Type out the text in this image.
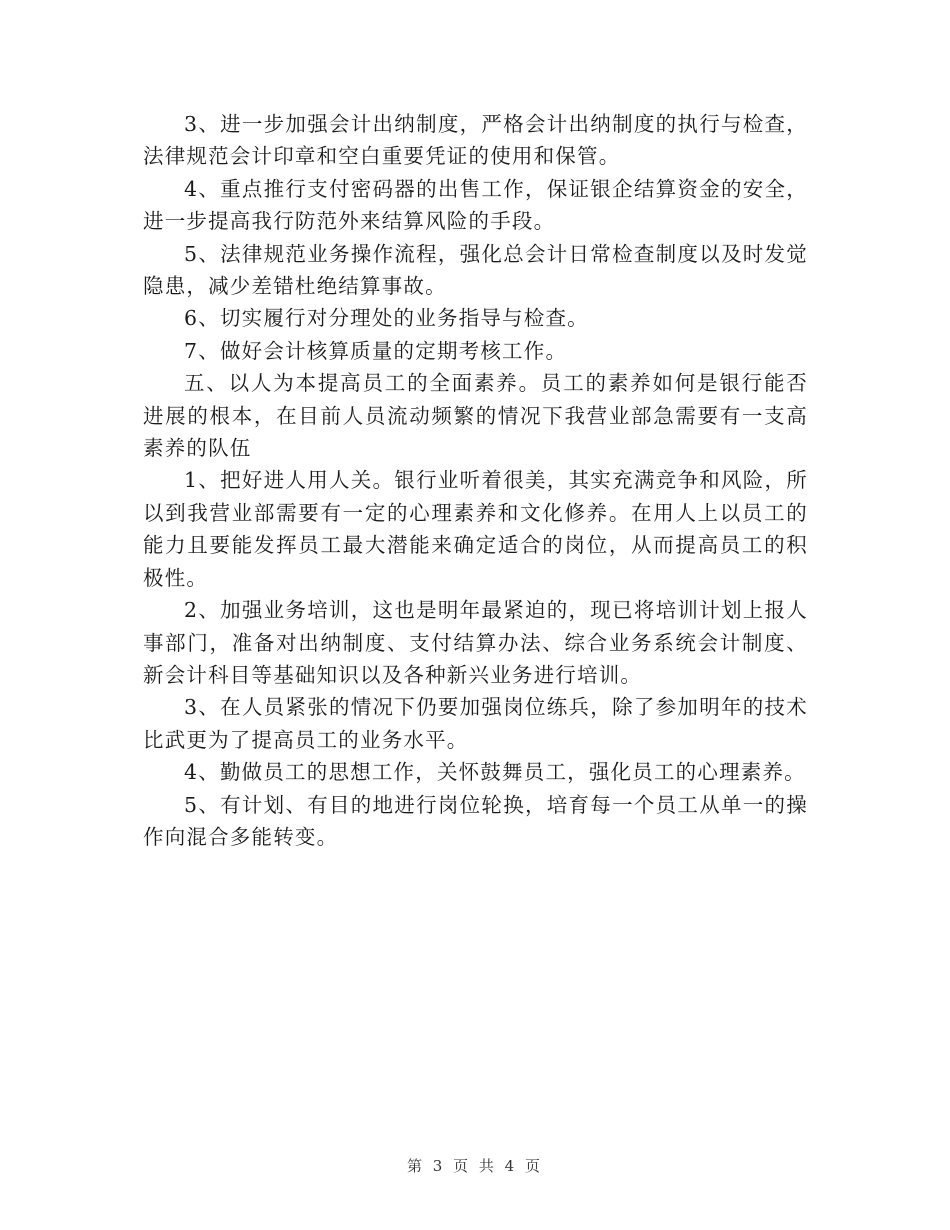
3、进一步加强会计出纳制度，严格会计出纳制度的执行与检查，法律规范会计印章和空白重要凭证的使用和保管。

4、重点推行支付密码器的出售工作，保证银企结算资金的安全，进一步提高我行防范外来结算风险的手段。

5、法律规范业务操作流程，强化总会计日常检查制度以及时发觉隐患，减少差错杜绝结算事故。

6、切实履行对分理处的业务指导与检查。

7、做好会计核算质量的定期考核工作。

五、以人为本提高员工的全面素养。员工的素养如何是银行能否进展的根本，在目前人员流动频繁的情况下我营业部急需要有一支高素养的队伍

1、把好进人用人关。银行业听着很美，其实充满竞争和风险，所以到我营业部需要有一定的心理素养和文化修养。在用人上以员工的能力且要能发挥员工最大潜能来确定适合的岗位，从而提高员工的积极性。

2、加强业务培训，这也是明年最紧迫的，现已将培训计划上报人事部门，准备对出纳制度、支付结算办法、综合业务系统会计制度、新会计科目等基础知识以及各种新兴业务进行培训。

3、在人员紧张的情况下仍要加强岗位练兵，除了参加明年的技术比武更为了提高员工的业务水平。

4、勤做员工的思想工作，关怀鼓舞员工，强化员工的心理素养。

5、有计划、有目的地进行岗位轮换，培育每一个员工从单一的操作向混合多能转变。

第 3 页 共 4 页
